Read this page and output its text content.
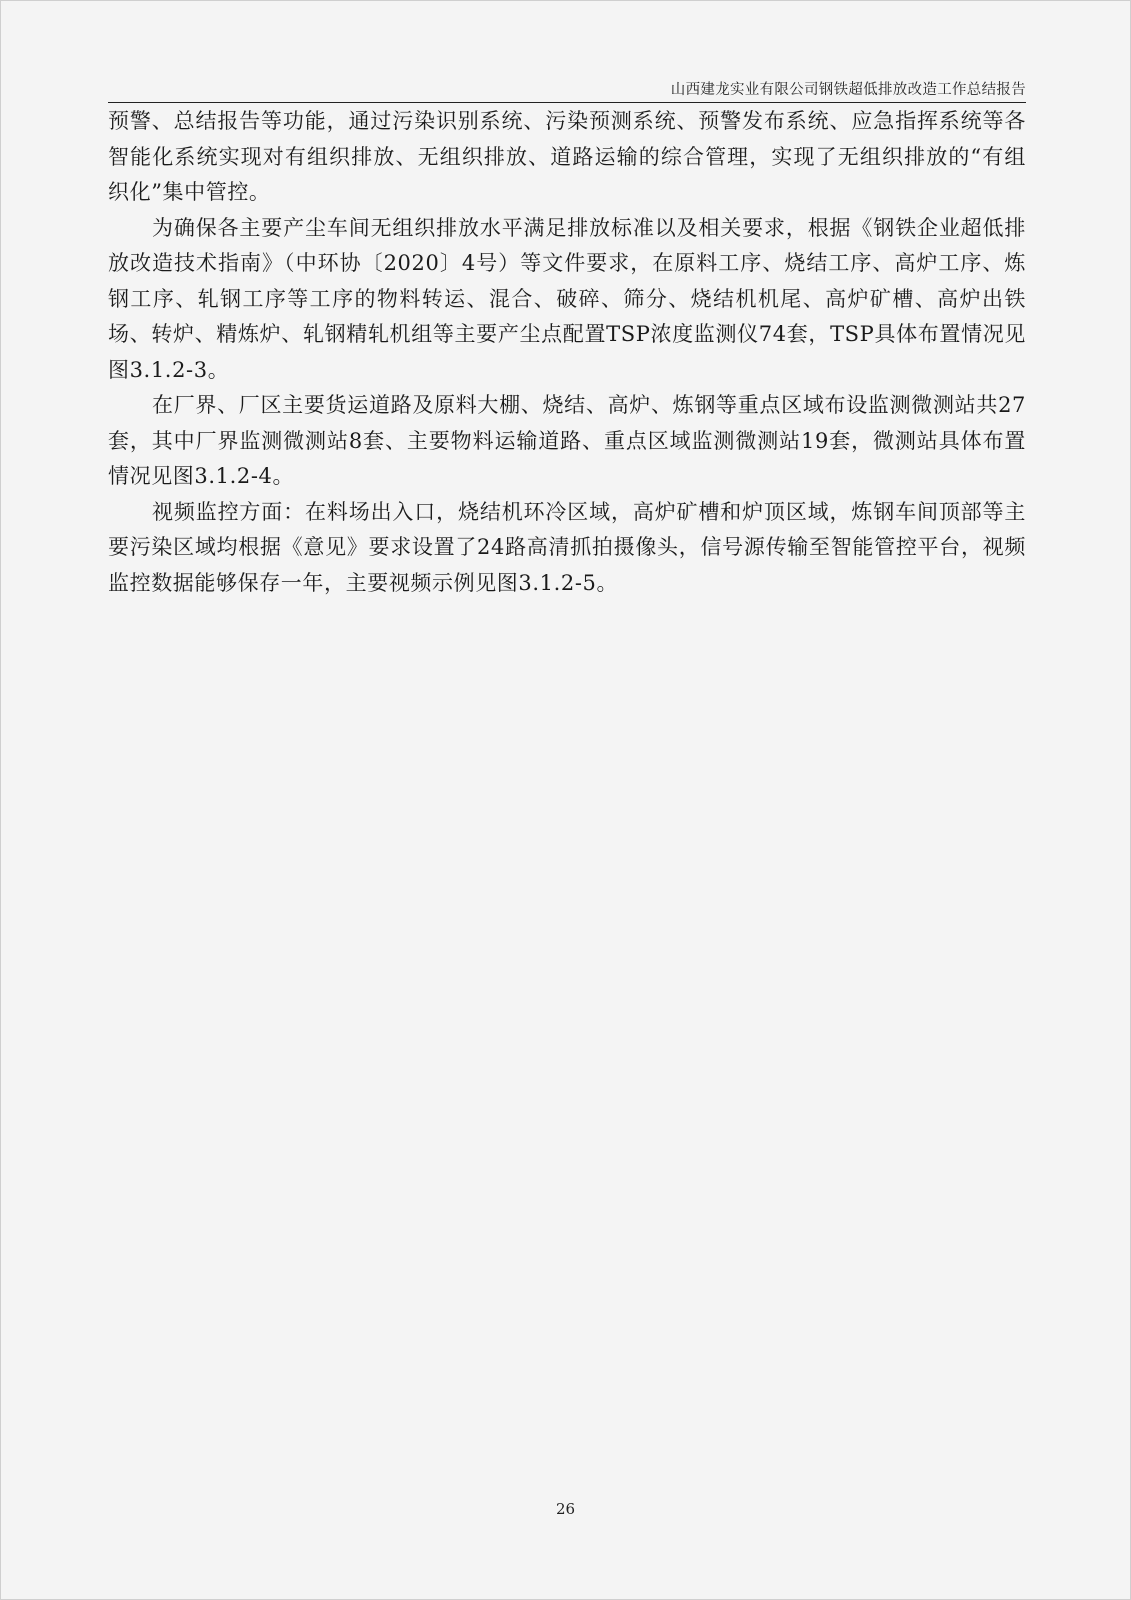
山西建龙实业有限公司钢铁超低排放改造工作总结报告

预警、总结报告等功能，通过污染识别系统、污染预测系统、预警发布系统、应急指挥系统等各智能化系统实现对有组织排放、无组织排放、道路运输的综合管理，实现了无组织排放的“有组织化”集中管控。

为确保各主要产尘车间无组织排放水平满足排放标准以及相关要求，根据《钢铁企业超低排放改造技术指南》（中环协〔2020〕4号）等文件要求，在原料工序、烧结工序、高炉工序、炼钢工序、轧钢工序等工序的物料转运、混合、破碎、筛分、烧结机机尾、高炉矿槽、高炉出铁场、转炉、精炼炉、轧钢精轧机组等主要产尘点配置TSP浓度监测仪74套，TSP具体布置情况见图3.1.2-3。

在厂界、厂区主要货运道路及原料大棚、烧结、高炉、炼钢等重点区域布设监测微测站共27套，其中厂界监测微测站8套、主要物料运输道路、重点区域监测微测站19套，微测站具体布置情况见图3.1.2-4。

视频监控方面：在料场出入口，烧结机环冷区域，高炉矿槽和炉顶区域，炼钢车间顶部等主要污染区域均根据《意见》要求设置了24路高清抓拍摄像头，信号源传输至智能管控平台，视频监控数据能够保存一年，主要视频示例见图3.1.2-5。

26
